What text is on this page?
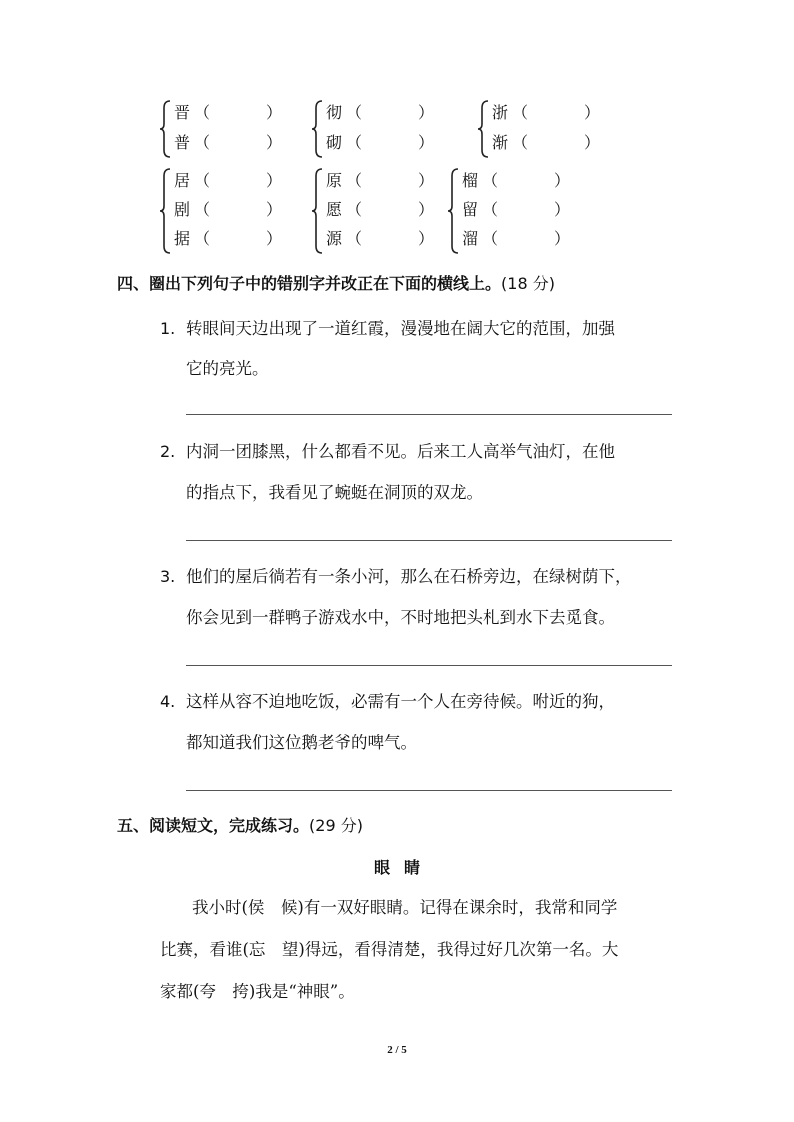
晋 （	）
普 （	）
彻 （	）
砌 （	）
浙 （	）
渐 （	）
居 （	）
剧 （	）
据 （	）
原 （	）
愿 （	）
源 （	）
榴 （	）
留 （	）
溜 （	）
四、圈出下列句子中的错别字并改正在下面的横线上。(18 分)
1. 转眼间天边出现了一道红霞，漫漫地在阔大它的范围，加强
它的亮光。
2. 内洞一团膝黑，什么都看不见。后来工人高举气油灯，在他
的指点下，我看见了蜿蜓在洞顶的双龙。
3. 他们的屋后徜若有一条小河，那么在石桥旁边，在绿树荫下，
你会见到一群鸭子游戏水中，不时地把头札到水下去觅食。
4. 这样从容不迫地吃饭，必需有一个人在旁待候。咐近的狗，
都知道我们这位鹅老爷的啤气。
五、阅读短文，完成练习。(29 分)
眼睛
我小时(侯　候)有一双好眼睛。记得在课余时，我常和同学
比赛，看谁(忘　望)得远，看得清楚，我得过好几次第一名。大
家都(夸　挎)我是“神眼”。
2 / 5
